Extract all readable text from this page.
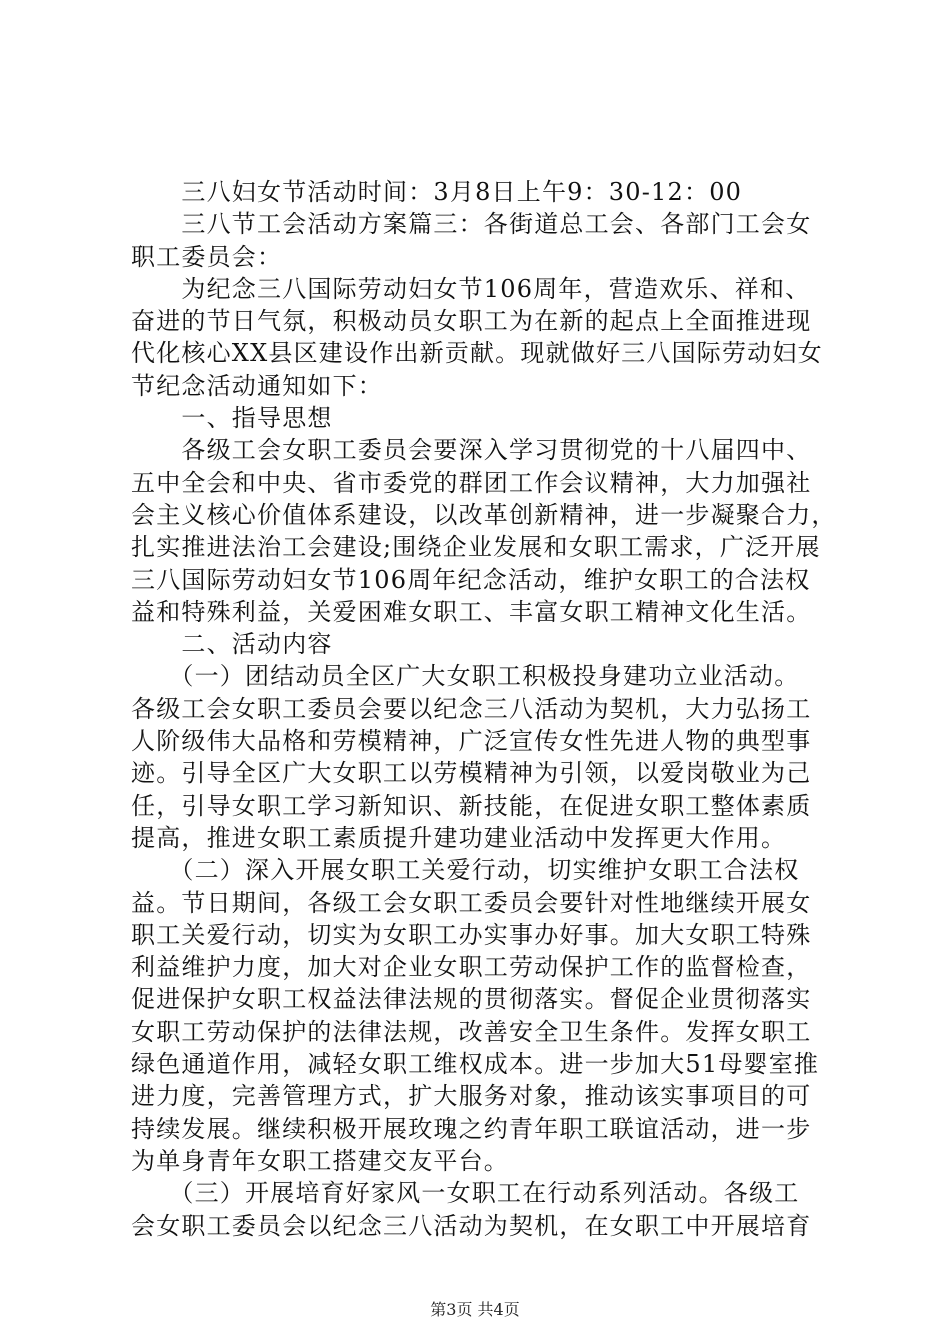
　　三八妇女节活动时间：3月8日上午9：30-12：00
　　三八节工会活动方案篇三：各街道总工会、各部门工会女
职工委员会：
　　为纪念三八国际劳动妇女节106周年，营造欢乐、祥和、
奋进的节日气氛，积极动员女职工为在新的起点上全面推进现
代化核心XX县区建设作出新贡献。现就做好三八国际劳动妇女
节纪念活动通知如下：
　　一、指导思想
　　各级工会女职工委员会要深入学习贯彻党的十八届四中、
五中全会和中央、省市委党的群团工作会议精神，大力加强社
会主义核心价值体系建设，以改革创新精神，进一步凝聚合力，
扎实推进法治工会建设;围绕企业发展和女职工需求，广泛开展
三八国际劳动妇女节106周年纪念活动，维护女职工的合法权
益和特殊利益，关爱困难女职工、丰富女职工精神文化生活。
　　二、活动内容
　　（一）团结动员全区广大女职工积极投身建功立业活动。
各级工会女职工委员会要以纪念三八活动为契机，大力弘扬工
人阶级伟大品格和劳模精神，广泛宣传女性先进人物的典型事
迹。引导全区广大女职工以劳模精神为引领，以爱岗敬业为己
任，引导女职工学习新知识、新技能，在促进女职工整体素质
提高，推进女职工素质提升建功建业活动中发挥更大作用。
　　（二）深入开展女职工关爱行动，切实维护女职工合法权
益。节日期间，各级工会女职工委员会要针对性地继续开展女
职工关爱行动，切实为女职工办实事办好事。加大女职工特殊
利益维护力度，加大对企业女职工劳动保护工作的监督检查，
促进保护女职工权益法律法规的贯彻落实。督促企业贯彻落实
女职工劳动保护的法律法规，改善安全卫生条件。发挥女职工
绿色通道作用，减轻女职工维权成本。进一步加大51母婴室推
进力度，完善管理方式，扩大服务对象，推动该实事项目的可
持续发展。继续积极开展玫瑰之约青年职工联谊活动，进一步
为单身青年女职工搭建交友平台。
　　（三）开展培育好家风一女职工在行动系列活动。各级工
会女职工委员会以纪念三八活动为契机，在女职工中开展培育
第3页 共4页
